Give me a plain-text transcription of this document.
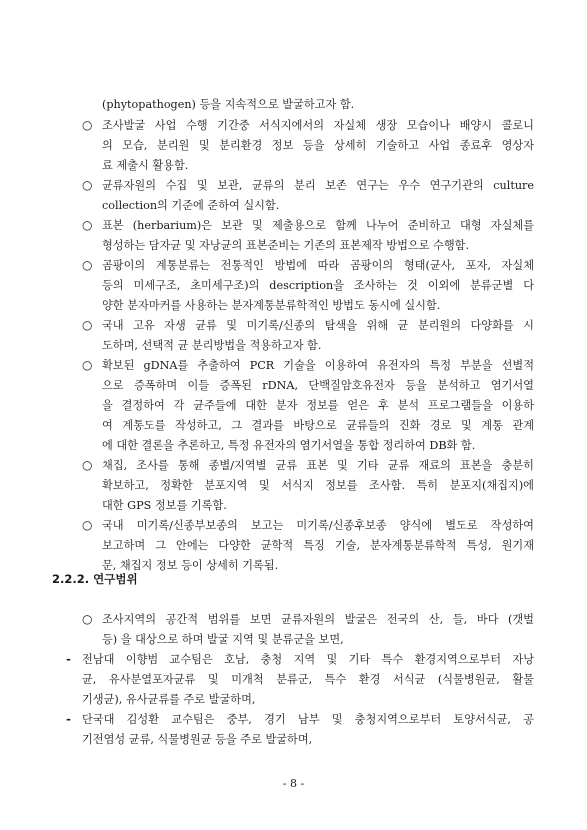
(phytopathogen) 등을 지속적으로 발굴하고자 함.
○ 조사발굴 사업 수행 기간중 서식지에서의 자실체 생장 모습이나 배양시 콜로니
의 모습, 분리원 및 분리환경 정보 등을 상세히 기술하고 사업 종료후 영상자
료 제출시 활용함.
○ 균류자원의 수집 및 보관, 균류의 분리 보존 연구는 우수 연구기관의 culture
collection의 기준에 준하여 실시함.
○ 표본 (herbarium)은 보관 및 제출용으로 함께 나누어 준비하고 대형 자실체를
형성하는 담자균 및 자낭균의 표본준비는 기존의 표본제작 방법으로 수행함.
○ 곰팡이의 계통분류는 전통적인 방법에 따라 곰팡이의 형태(균사, 포자, 자실체
등의 미세구조, 초미세구조)의 description을 조사하는 것 이외에 분류군별 다
양한 분자마커를 사용하는 분자계통분류학적인 방법도 동시에 실시함.
○ 국내 고유 자생 균류 및 미기록/신종의 탐색을 위해 균 분리원의 다양화를 시
도하며, 선택적 균 분리방법을 적용하고자 함.
○ 확보된 gDNA를 추출하여 PCR 기술을 이용하여 유전자의 특정 부분을 선별적
으로 증폭하며 이들 증폭된 rDNA, 단백질암호유전자 등을 분석하고 염기서열
을 결정하여 각 균주들에 대한 분자 정보를 얻은 후 분석 프로그램들을 이용하
여 계통도를 작성하고, 그 결과를 바탕으로 균류들의 진화 경로 및 계통 관계
에 대한 결론을 추론하고, 특정 유전자의 염기서열을 통합 정리하여 DB화 함.
○ 채집, 조사를 통해 종별/지역별 균류 표본 및 기타 균류 재료의 표본을 충분히
확보하고, 정확한 분포지역 및 서식지 정보를 조사함. 특히 분포지(채집지)에
대한 GPS 정보를 기록함.
○ 국내 미기록/신종부보종의 보고는 미기록/신종후보종 양식에 별도로 작성하여
보고하며 그 안에는 다양한 균학적 특징 기술, 분자계통분류학적 특성, 원기재
문, 채집지 정보 등이 상세히 기록됨.
2.2.2. 연구범위
○ 조사지역의 공간적 범위를 보면 균류자원의 발굴은 전국의 산, 들, 바다 (갯벌
등) 을 대상으로 하며 발굴 지역 및 분류군을 보면,
- 전남대 이향범 교수팀은 호남, 충청 지역 및 기타 특수 환경지역으로부터 자낭
균, 유사분열포자균류 및 미개척 분류군, 특수 환경 서식균 (식물병원균, 활물
기생균), 유사균류를 주로 발굴하며,
- 단국대 김성환 교수팀은 중부, 경기 남부 및 충청지역으로부터 토양서식균, 공
기전염성 균류, 식물병원균 등을 주로 발굴하며,
- 8 -
